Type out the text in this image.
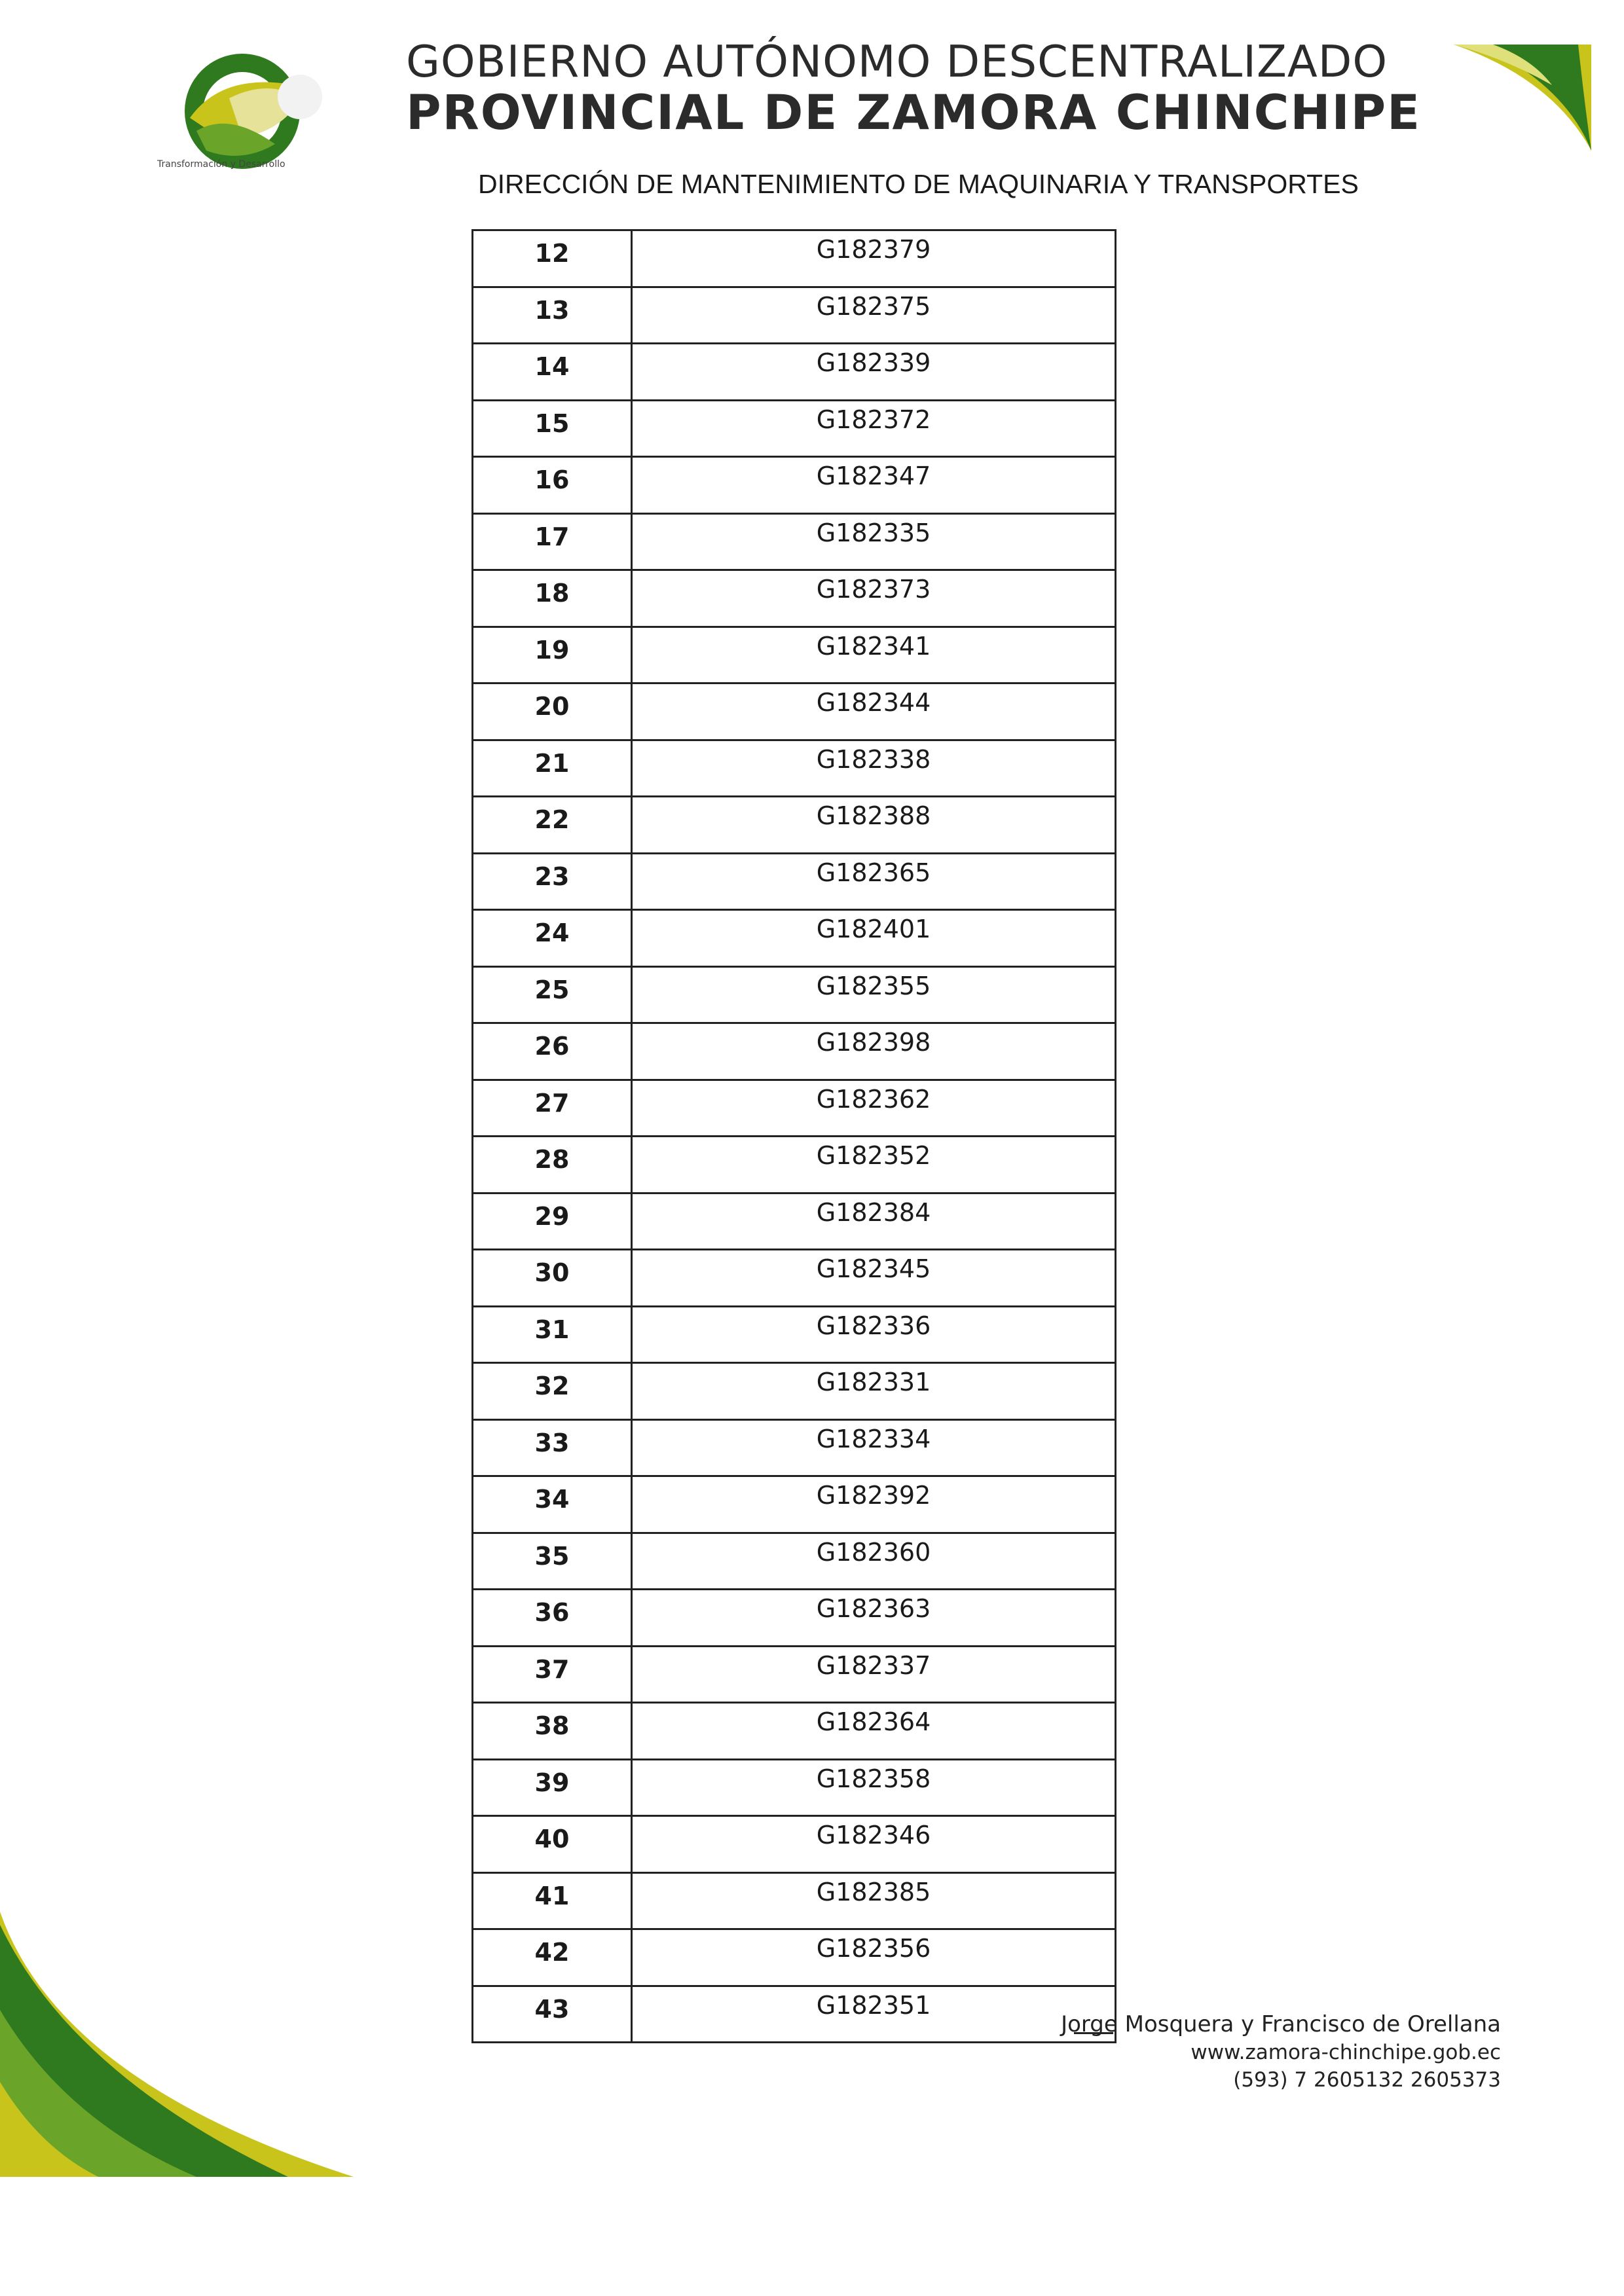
Transformación y Desarrollo
GOBIERNO AUTÓNOMO DESCENTRALIZADO
PROVINCIAL DE ZAMORA CHINCHIPE
DIRECCIÓN DE MANTENIMIENTO DE MAQUINARIA Y TRANSPORTES
12	G182379
13	G182375
14	G182339
15	G182372
16	G182347
17	G182335
18	G182373
19	G182341
20	G182344
21	G182338
22	G182388
23	G182365
24	G182401
25	G182355
26	G182398
27	G182362
28	G182352
29	G182384
30	G182345
31	G182336
32	G182331
33	G182334
34	G182392
35	G182360
36	G182363
37	G182337
38	G182364
39	G182358
40	G182346
41	G182385
42	G182356
43	G182351
Jorge Mosquera y Francisco de Orellana
www.zamora-chinchipe.gob.ec
(593) 7 2605132 2605373
